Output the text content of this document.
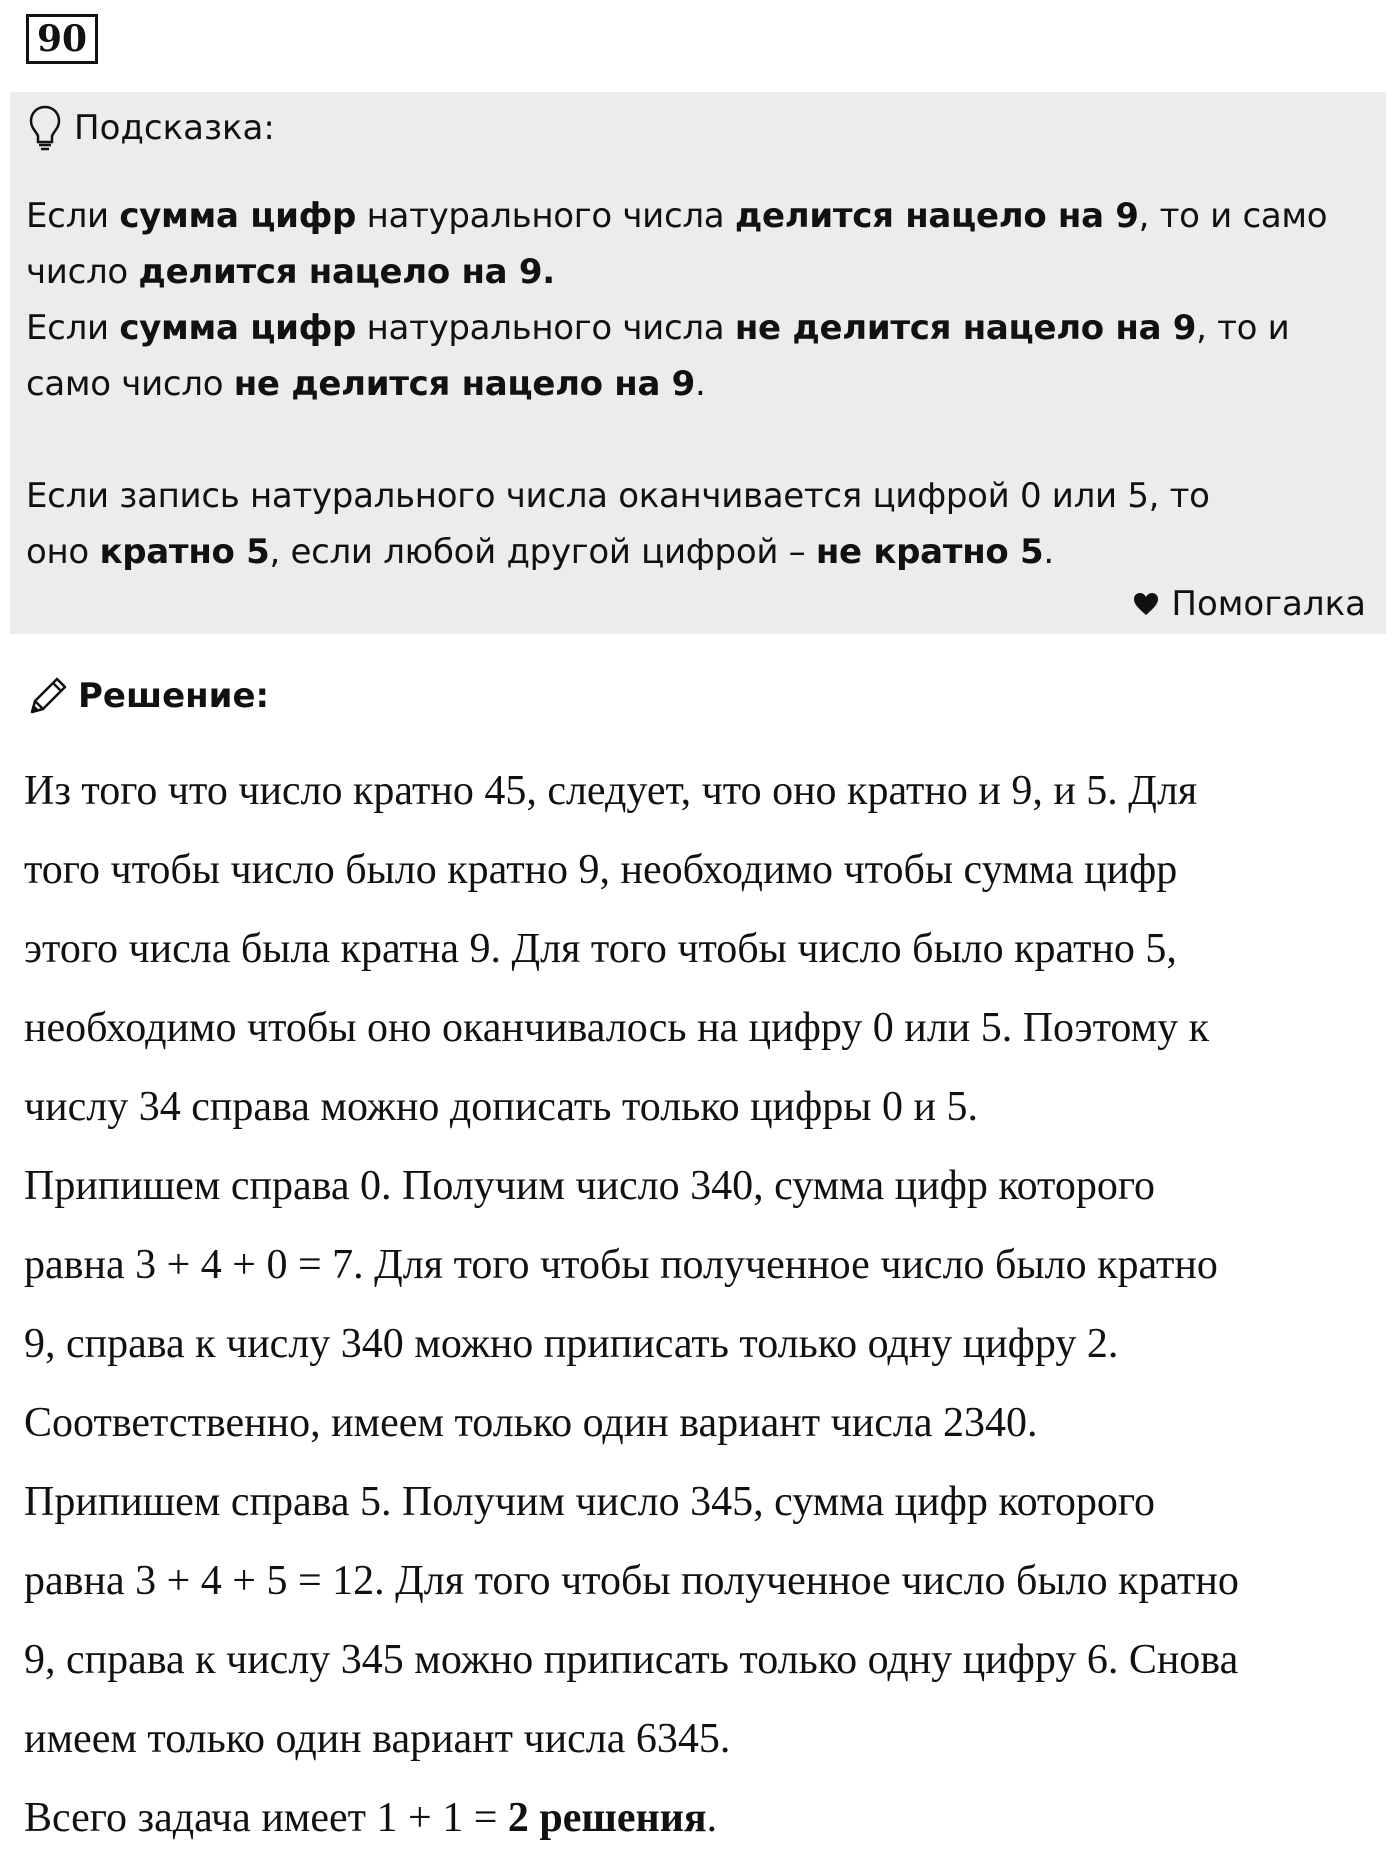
90
Подсказка:

Если сумма цифр натурального числа делится нацело на 9, то и само

число делится нацело на 9.

Если сумма цифр натурального числа не делится нацело на 9, то и

само число не делится нацело на 9.

Если запись натурального числа оканчивается цифрой 0 или 5, то

оно кратно 5, если любой другой цифрой – не кратно 5.

Помогалка
Решение:

Из того что число кратно 45, следует, что оно кратно и 9, и 5. Для

того чтобы число было кратно 9, необходимо чтобы сумма цифр

этого числа была кратна 9. Для того чтобы число было кратно 5,

необходимо чтобы оно оканчивалось на цифру 0 или 5. Поэтому к

числу 34 справа можно дописать только цифры 0 и 5.

Припишем справа 0. Получим число 340, сумма цифр которого

равна 3 + 4 + 0 = 7. Для того чтобы полученное число было кратно

9, справа к числу 340 можно приписать только одну цифру 2.

Соответственно, имеем только один вариант числа 2340.

Припишем справа 5. Получим число 345, сумма цифр которого

равна 3 + 4 + 5 = 12. Для того чтобы полученное число было кратно

9, справа к числу 345 можно приписать только одну цифру 6. Снова

имеем только один вариант числа 6345.

Всего задача имеет 1 + 1 = 2 решения.
